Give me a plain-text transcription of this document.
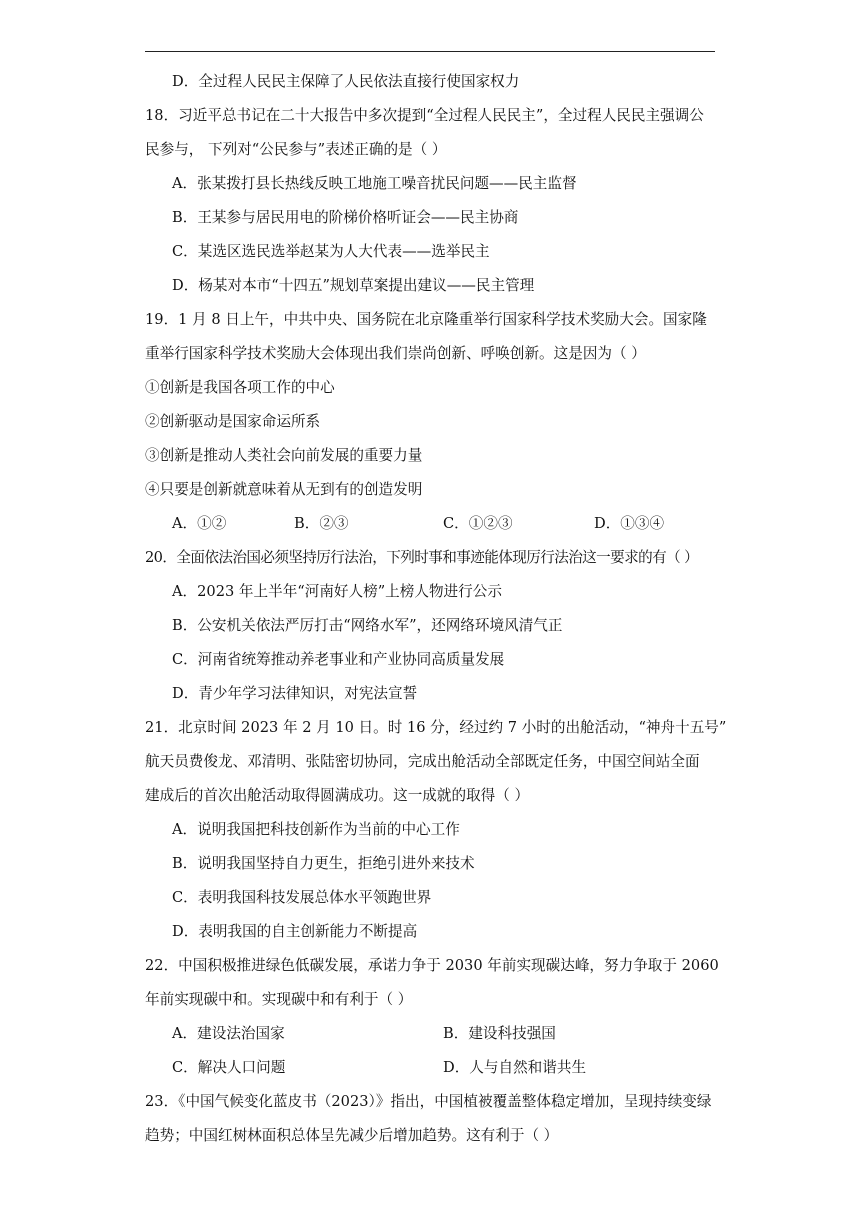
D．全过程人民民主保障了人民依法直接行使国家权力
18．习近平总书记在二十大报告中多次提到“全过程人民民主”，全过程人民民主强调公
民参与， 下列对“公民参与”表述正确的是（ ）
A．张某拨打县长热线反映工地施工噪音扰民问题——民主监督
B．王某参与居民用电的阶梯价格听证会——民主协商
C．某选区选民选举赵某为人大代表——选举民主
D．杨某对本市“十四五”规划草案提出建议——民主管理
19．1 月 8 日上午，中共中央、国务院在北京隆重举行国家科学技术奖励大会。国家隆
重举行国家科学技术奖励大会体现出我们崇尚创新、呼唤创新。这是因为（ ）
①创新是我国各项工作的中心
②创新驱动是国家命运所系
③创新是推动人类社会向前发展的重要力量
④只要是创新就意味着从无到有的创造发明
A．①②	B．②③	C．①②③	D．①③④
20．全面依法治国必须坚持厉行法治，下列时事和事迹能体现厉行法治这一要求的有（ ）
A．2023 年上半年“河南好人榜”上榜人物进行公示
B．公安机关依法严厉打击“网络水军”，还网络环境风清气正
C．河南省统筹推动养老事业和产业协同高质量发展
D．青少年学习法律知识，对宪法宣誓
21．北京时间 2023 年 2 月 10 日。时 16 分，经过约 7 小时的出舱活动，“神舟十五号”
航天员费俊龙、邓清明、张陆密切协同，完成出舱活动全部既定任务，中国空间站全面
建成后的首次出舱活动取得圆满成功。这一成就的取得（ ）
A．说明我国把科技创新作为当前的中心工作
B．说明我国坚持自力更生，拒绝引进外来技术
C．表明我国科技发展总体水平领跑世界
D．表明我国的自主创新能力不断提高
22．中国积极推进绿色低碳发展，承诺力争于 2030 年前实现碳达峰，努力争取于 2060
年前实现碳中和。实现碳中和有利于（ ）
A．建设法治国家	B．建设科技强国
C．解决人口问题	D．人与自然和谐共生
23．《中国气候变化蓝皮书（2023）》指出，中国植被覆盖整体稳定增加，呈现持续变绿
趋势；中国红树林面积总体呈先减少后增加趋势。这有利于（ ）
